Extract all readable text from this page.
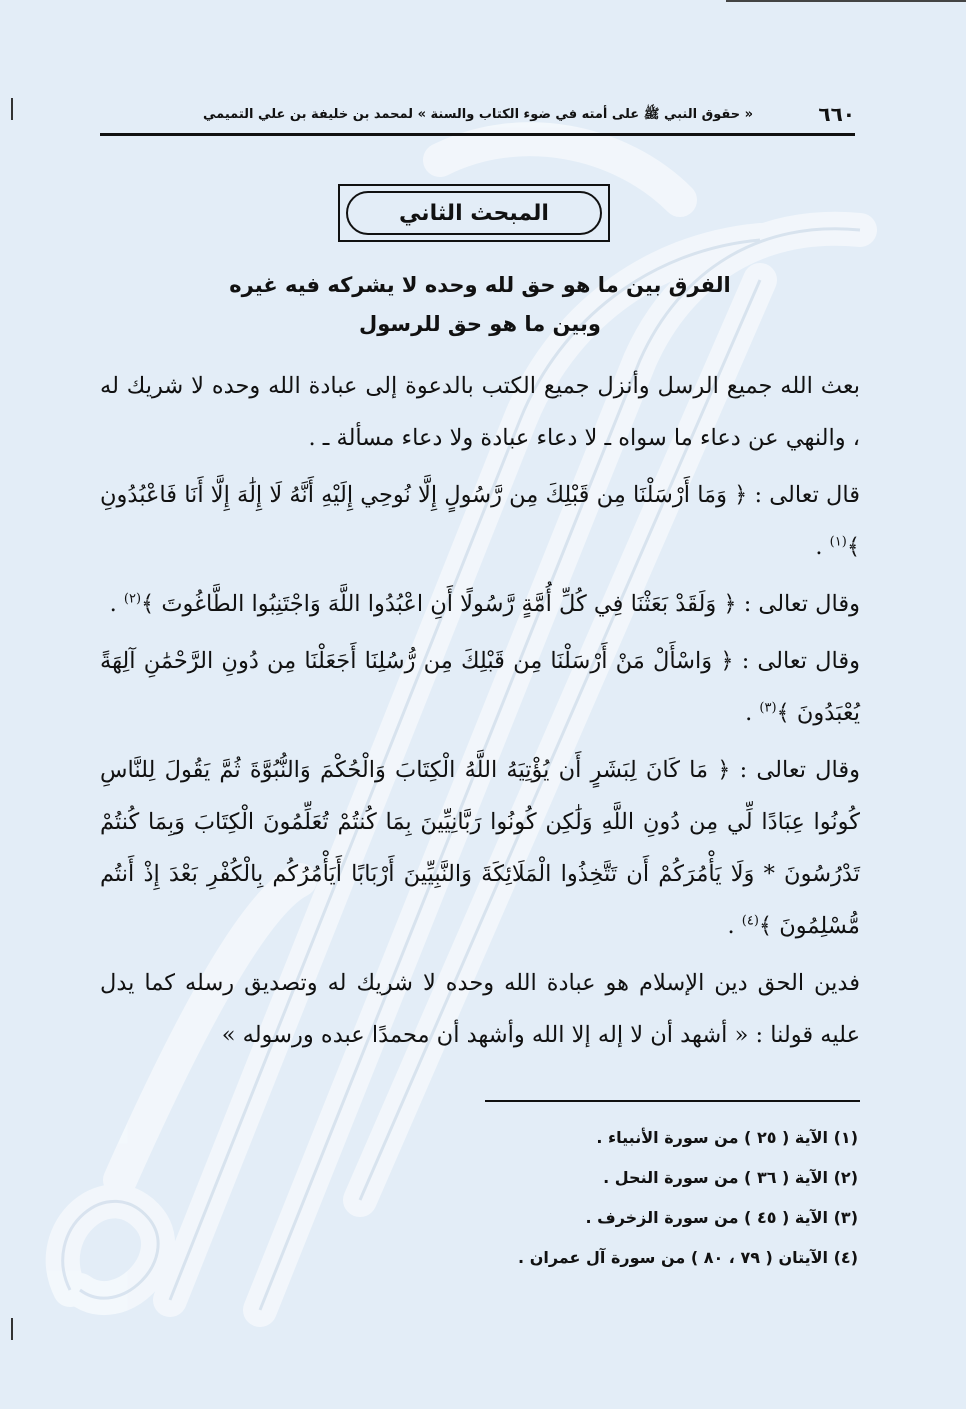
٦٦٠
« حقوق النبي ﷺ على أمته في ضوء الكتاب والسنة » لمحمد بن خليفة بن علي التميمي
المبحث الثاني
الفرق بين ما هو حق لله وحده لا يشركه فيه غيره
وبين ما هو حق للرسول

بعث الله جميع الرسل وأنزل جميع الكتب بالدعوة إلى عبادة الله وحده لا شريك له ، والنهي عن دعاء ما سواه ـ لا دعاء عبادة ولا دعاء مسألة ـ .

قال تعالى : ﴿ وَمَا أَرْسَلْنَا مِن قَبْلِكَ مِن رَّسُولٍ إِلَّا نُوحِي إِلَيْهِ أَنَّهُ لَا إِلَٰهَ إِلَّا أَنَا فَاعْبُدُونِ ﴾$^{(١)}$ .

وقال تعالى : ﴿ وَلَقَدْ بَعَثْنَا فِي كُلِّ أُمَّةٍ رَّسُولًا أَنِ اعْبُدُوا اللَّهَ وَاجْتَنِبُوا الطَّاغُوتَ ﴾$^{(٢)}$ .

وقال تعالى : ﴿ وَاسْأَلْ مَنْ أَرْسَلْنَا مِن قَبْلِكَ مِن رُّسُلِنَا أَجَعَلْنَا مِن دُونِ الرَّحْمَٰنِ آلِهَةً يُعْبَدُونَ ﴾$^{(٣)}$ .

وقال تعالى : ﴿ مَا كَانَ لِبَشَرٍ أَن يُؤْتِيَهُ اللَّهُ الْكِتَابَ وَالْحُكْمَ وَالنُّبُوَّةَ ثُمَّ يَقُولَ لِلنَّاسِ كُونُوا عِبَادًا لِّي مِن دُونِ اللَّهِ وَلَٰكِن كُونُوا رَبَّانِيِّينَ بِمَا كُنتُمْ تُعَلِّمُونَ الْكِتَابَ وَبِمَا كُنتُمْ تَدْرُسُونَ * وَلَا يَأْمُرَكُمْ أَن تَتَّخِذُوا الْمَلَائِكَةَ وَالنَّبِيِّينَ أَرْبَابًا أَيَأْمُرُكُم بِالْكُفْرِ بَعْدَ إِذْ أَنتُم مُّسْلِمُونَ ﴾$^{(٤)}$ .

فدين الحق دين الإسلام هو عبادة الله وحده لا شريك له وتصديق رسله كما يدل عليه قولنا : « أشهد أن لا إله إلا الله وأشهد أن محمدًا عبده ورسوله »

(١) الآية ( ٢٥ ) من سورة الأنبياء .
(٢) الآية ( ٣٦ ) من سورة النحل .
(٣) الآية ( ٤٥ ) من سورة الزخرف .
(٤) الآيتان ( ٧٩ ، ٨٠ ) من سورة آل عمران .
